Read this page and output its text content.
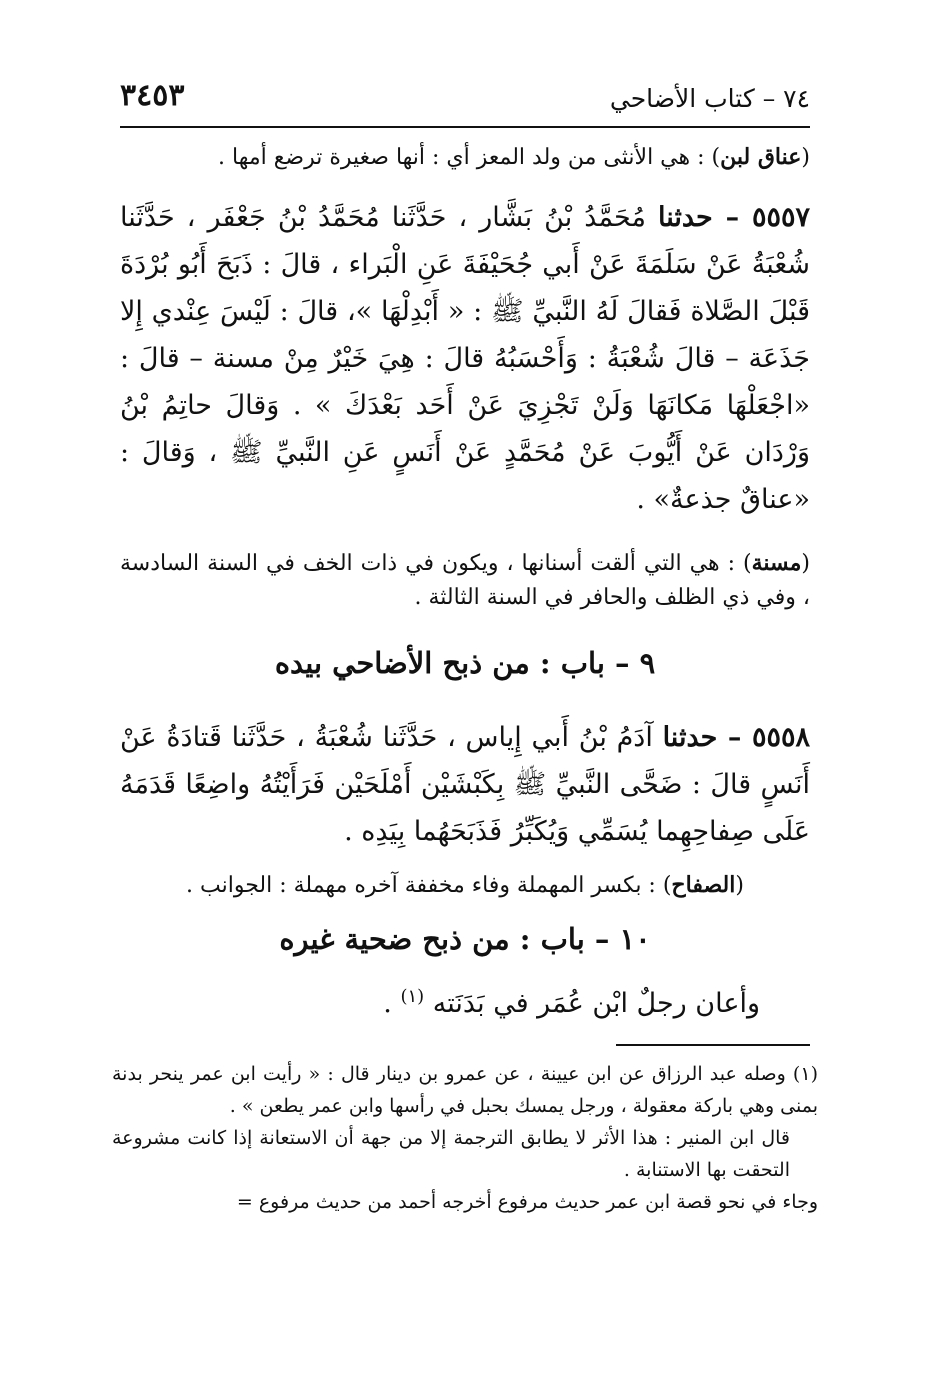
٧٤ – كتاب الأضاحي
٣٤٥٣
(عناق لبن) : هي الأنثى من ولد المعز أي : أنها صغيرة ترضع أمها .
٥٥٥٧ – حدثنا مُحَمَّدُ بْنُ بَشَّار ، حَدَّثَنا مُحَمَّدُ بْنُ جَعْفَر ، حَدَّثَنا شُعْبَةُ عَنْ سَلَمَةَ عَنْ أَبي جُحَيْفَةَ عَنِ الْبَراء ، قالَ : ذَبَحَ أَبُو بُرْدَةَ قَبْلَ الصَّلاة فَقالَ لَهُ النَّبيِّ ﷺ : « أَبْدِلْهَا »، قالَ : لَيْسَ عِنْدي إِلا جَذَعَة – قالَ شُعْبَةُ : وَأَحْسَبُهُ قالَ : هِيَ خَيْرٌ مِنْ مسنة – قالَ : «اجْعَلْهَا مَكانَهَا وَلَنْ تَجْزِيَ عَنْ أَحَد بَعْدَكَ » . وَقالَ حاتِمُ بْنُ وَرْدَان عَنْ أَيُّوبَ عَنْ مُحَمَّدٍ عَنْ أَنَسٍ عَنِ النَّبيِّ ﷺ ، وَقالَ : «عناقٌ جذعةٌ» .
(مسنة) : هي التي ألقت أسنانها ، ويكون في ذات الخف في السنة السادسة ، وفي ذي الظلف والحافر في السنة الثالثة .
٩ – باب : من ذبح الأضاحي بيده
٥٥٥٨ – حدثنا آدَمُ بْنُ أَبي إِياس ، حَدَّثَنا شُعْبَةُ ، حَدَّثَنا قَتادَةُ عَنْ أَنَسٍ قالَ : ضَحَّى النَّبيِّ ﷺ بِكَبْشَيْن أَمْلَحَيْن فَرَأَيْتُهُ واضِعًا قَدَمَهُ عَلَى صِفاحِهِما يُسَمِّي وَيُكَبِّرُ فَذَبَحَهُما بِيَدِه .
(الصفاح) : بكسر المهملة وفاء مخففة آخره مهملة : الجوانب .
١٠ – باب : من ذبح ضحية غيره
وأعان رجلٌ ابْن عُمَر في بَدَنَته $^{(١)}$ .
(١) وصله عبد الرزاق عن ابن عيينة ، عن عمرو بن دينار قال : « رأيت ابن عمر ينحر بدنة بمنى وهي باركة معقولة ، ورجل يمسك بحبل في رأسها وابن عمر يطعن » .
قال ابن المنير : هذا الأثر لا يطابق الترجمة إلا من جهة أن الاستعانة إذا كانت مشروعة التحقت بها الاستنابة .
وجاء في نحو قصة ابن عمر حديث مرفوع أخرجه أحمد من حديث مرفوع =
